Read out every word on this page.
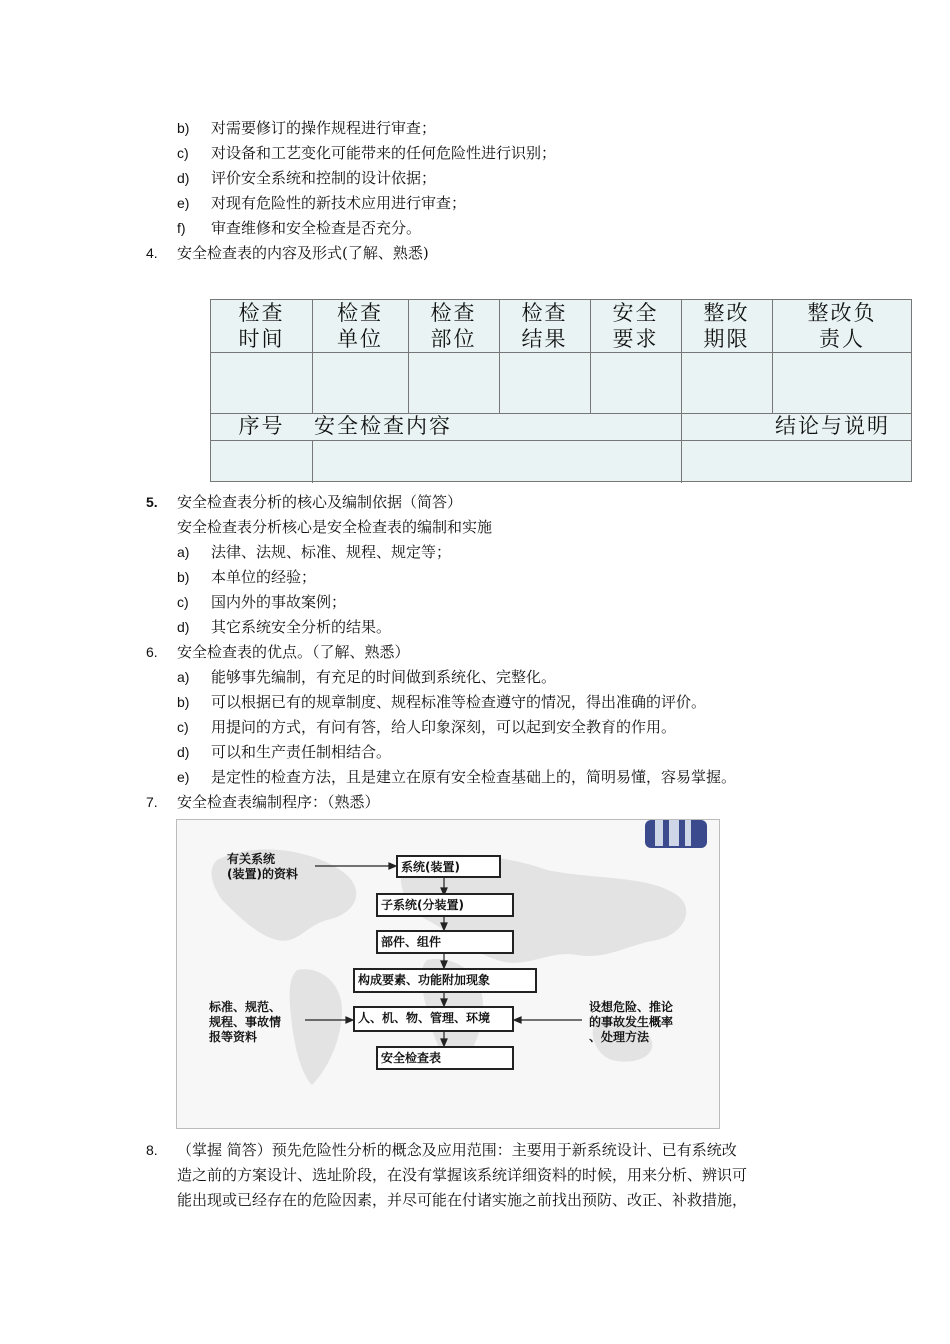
b) 对需要修订的操作规程进行审查；
c) 对设备和工艺变化可能带来的任何危险性进行识别；
d) 评价安全系统和控制的设计依据；
e) 对现有危险性的新技术应用进行审查；
f) 审查维修和安全检查是否充分。
4. 安全检查表的内容及形式(了解、熟悉)
检查
时间
检查
单位
检查
部位
检查
结果
安全
要求
整改
期限
整改负
责人
序号	安全检查内容	结论与说明
5. 安全检查表分析的核心及编制依据（简答）
安全检查表分析核心是安全检查表的编制和实施
a) 法律、法规、标准、规程、规定等；
b) 本单位的经验；
c) 国内外的事故案例；
d) 其它系统安全分析的结果。
6. 安全检查表的优点。（了解、熟悉）
a) 能够事先编制，有充足的时间做到系统化、完整化。
b) 可以根据已有的规章制度、规程标准等检查遵守的情况，得出准确的评价。
c) 用提问的方式，有问有答，给人印象深刻，可以起到安全教育的作用。
d) 可以和生产责任制相结合。
e) 是定性的检查方法，且是建立在原有安全检查基础上的，简明易懂，容易掌握。
7. 安全检查表编制程序：（熟悉）
有关系统
(装置)的资料
标准、规范、
规程、事故情
报等资料
设想危险、推论
的事故发生概率
、处理方法
系统(装置)
子系统(分装置)
部件、组件
构成要素、功能附加现象
人、机、物、管理、环境
安全检查表
8. （掌握 简答）预先危险性分析的概念及应用范围：主要用于新系统设计、已有系统改
造之前的方案设计、选址阶段，在没有掌握该系统详细资料的时候，用来分析、辨识可
能出现或已经存在的危险因素，并尽可能在付诸实施之前找出预防、改正、补救措施，
